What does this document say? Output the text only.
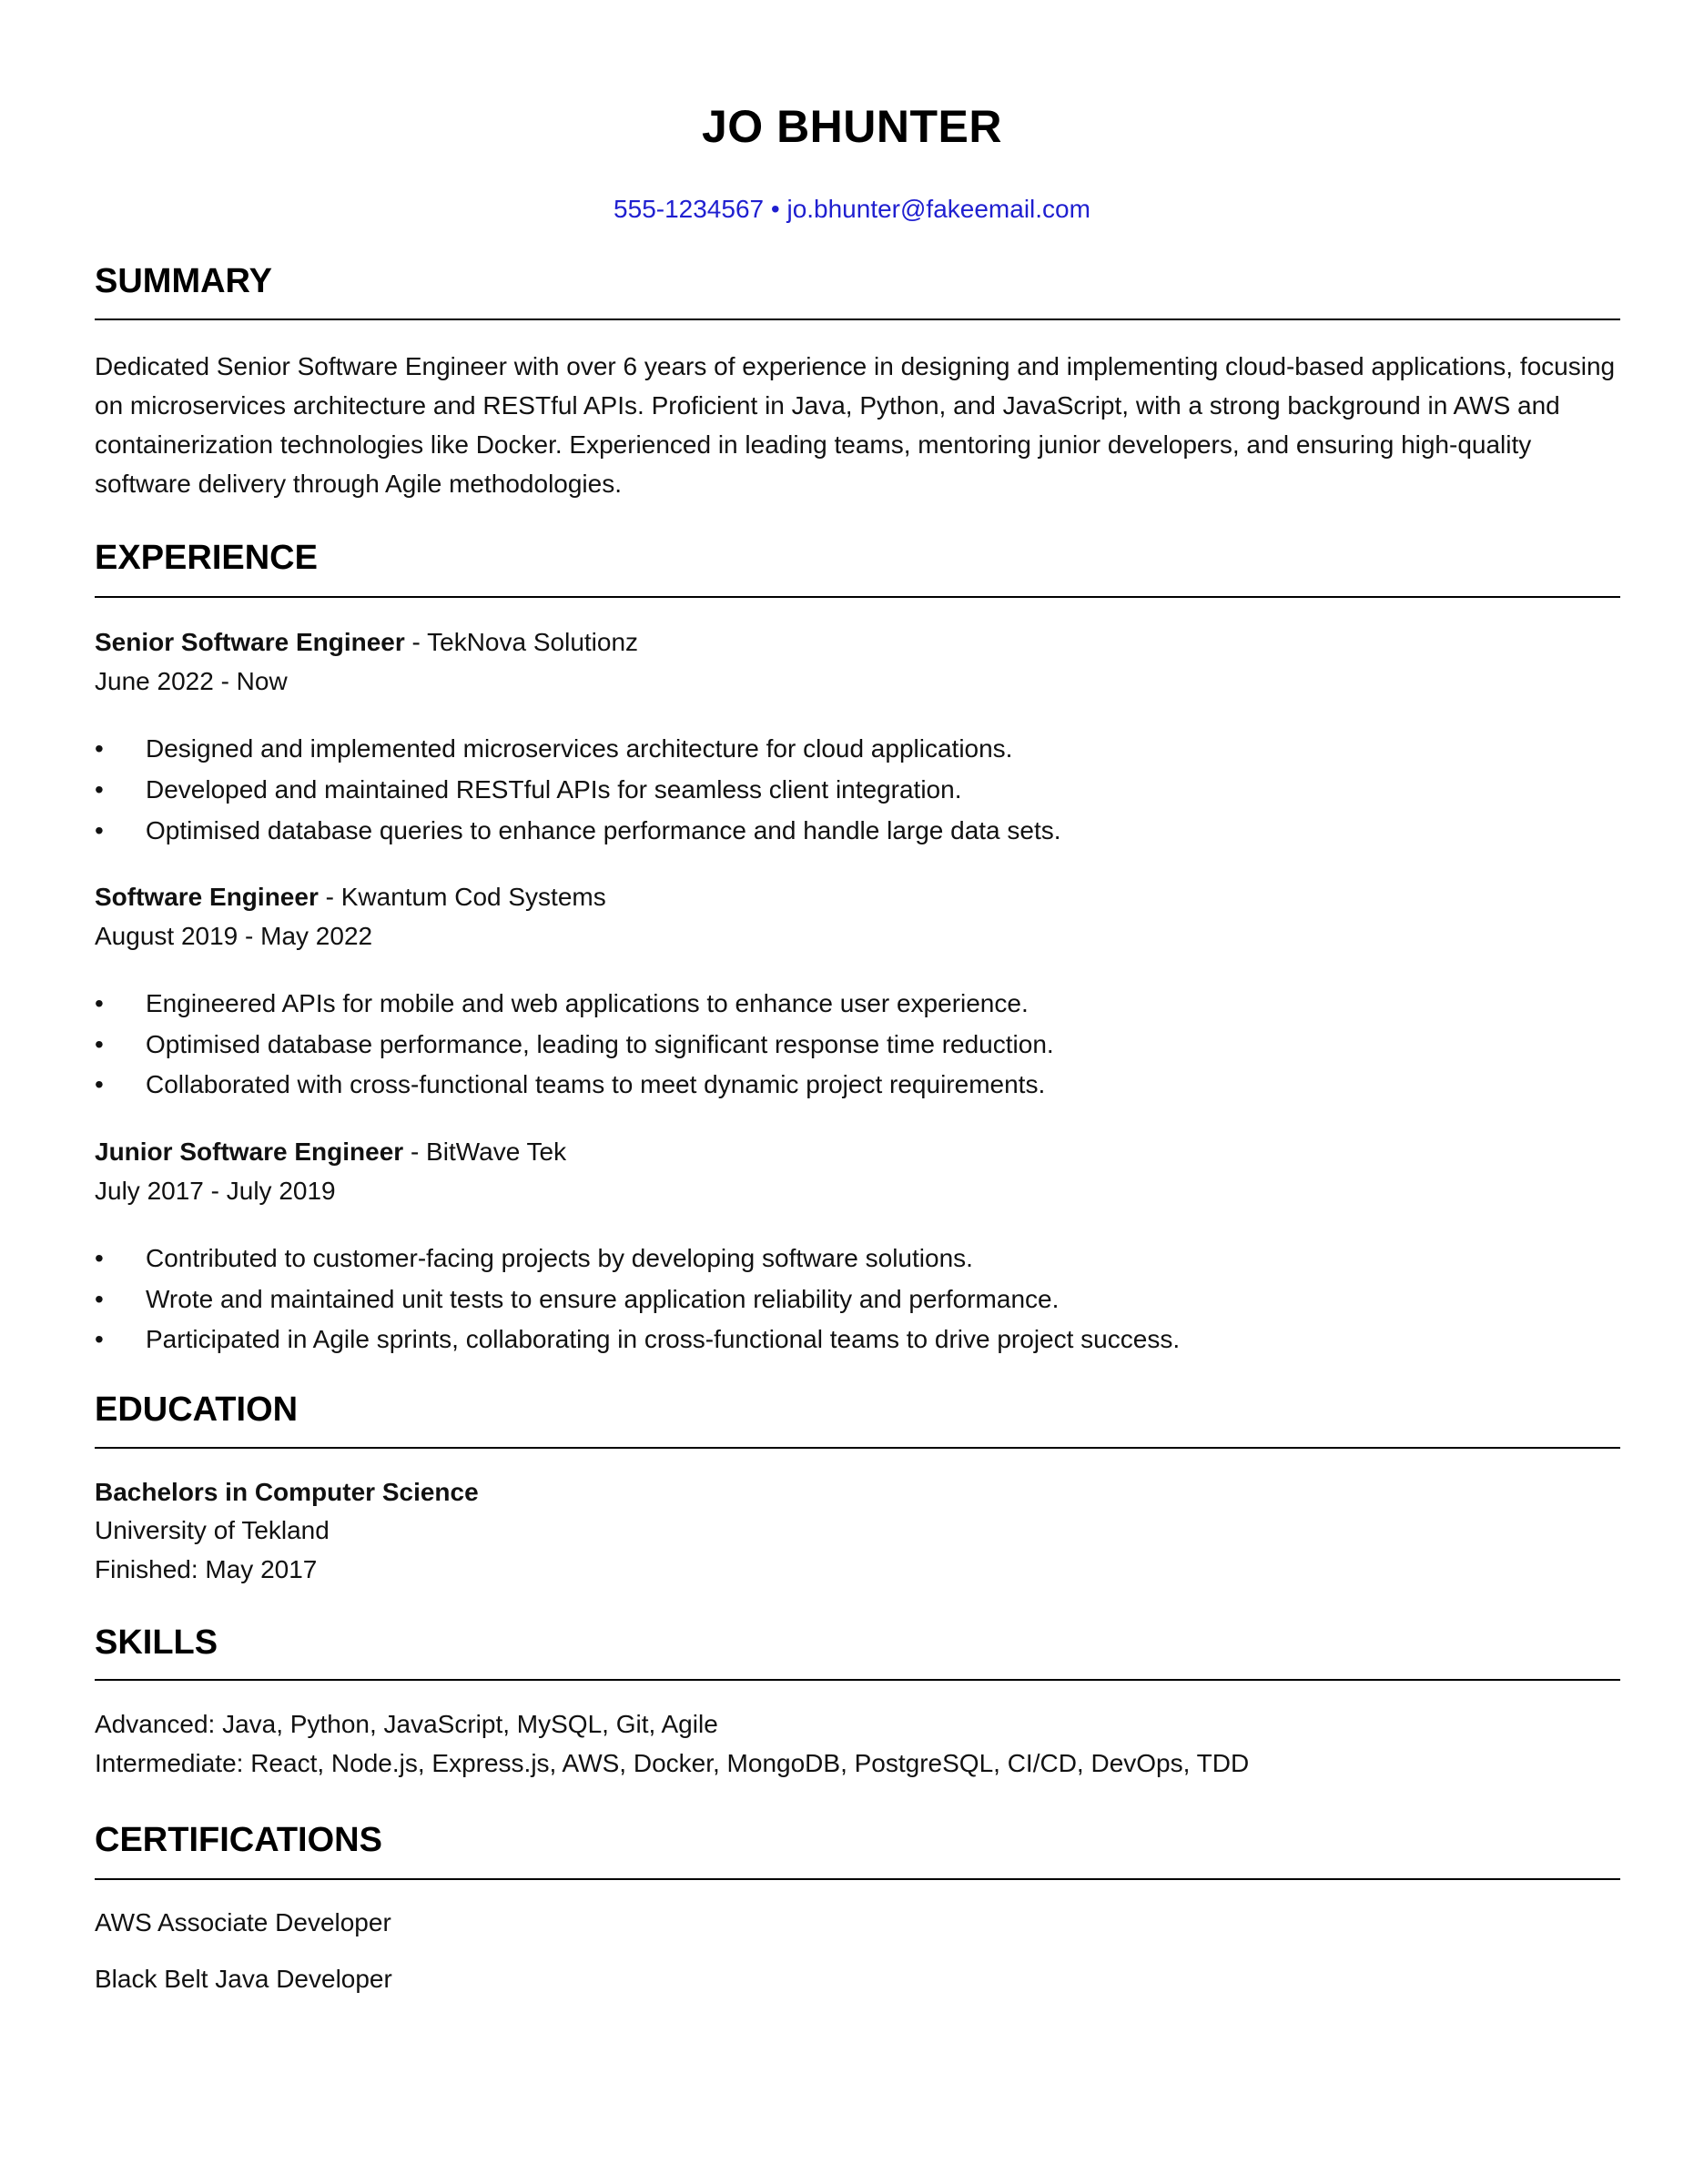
JO BHUNTER
555-1234567 • jo.bhunter@fakeemail.com
SUMMARY
Dedicated Senior Software Engineer with over 6 years of experience in designing and implementing cloud-based applications, focusing on microservices architecture and RESTful APIs. Proficient in Java, Python, and JavaScript, with a strong background in AWS and containerization technologies like Docker. Experienced in leading teams, mentoring junior developers, and ensuring high-quality software delivery through Agile methodologies.
EXPERIENCE
Senior Software Engineer - TekNova Solutionz
June 2022 - Now
•	Designed and implemented microservices architecture for cloud applications.
•	Developed and maintained RESTful APIs for seamless client integration.
•	Optimised database queries to enhance performance and handle large data sets.
Software Engineer - Kwantum Cod Systems
August 2019 - May 2022
•	Engineered APIs for mobile and web applications to enhance user experience.
•	Optimised database performance, leading to significant response time reduction.
•	Collaborated with cross-functional teams to meet dynamic project requirements.
Junior Software Engineer - BitWave Tek
July 2017 - July 2019
•	Contributed to customer-facing projects by developing software solutions.
•	Wrote and maintained unit tests to ensure application reliability and performance.
•	Participated in Agile sprints, collaborating in cross-functional teams to drive project success.
EDUCATION
Bachelors in Computer Science
University of Tekland
Finished: May 2017
SKILLS
Advanced: Java, Python, JavaScript, MySQL, Git, Agile
Intermediate: React, Node.js, Express.js, AWS, Docker, MongoDB, PostgreSQL, CI/CD, DevOps, TDD
CERTIFICATIONS
AWS Associate Developer
Black Belt Java Developer
